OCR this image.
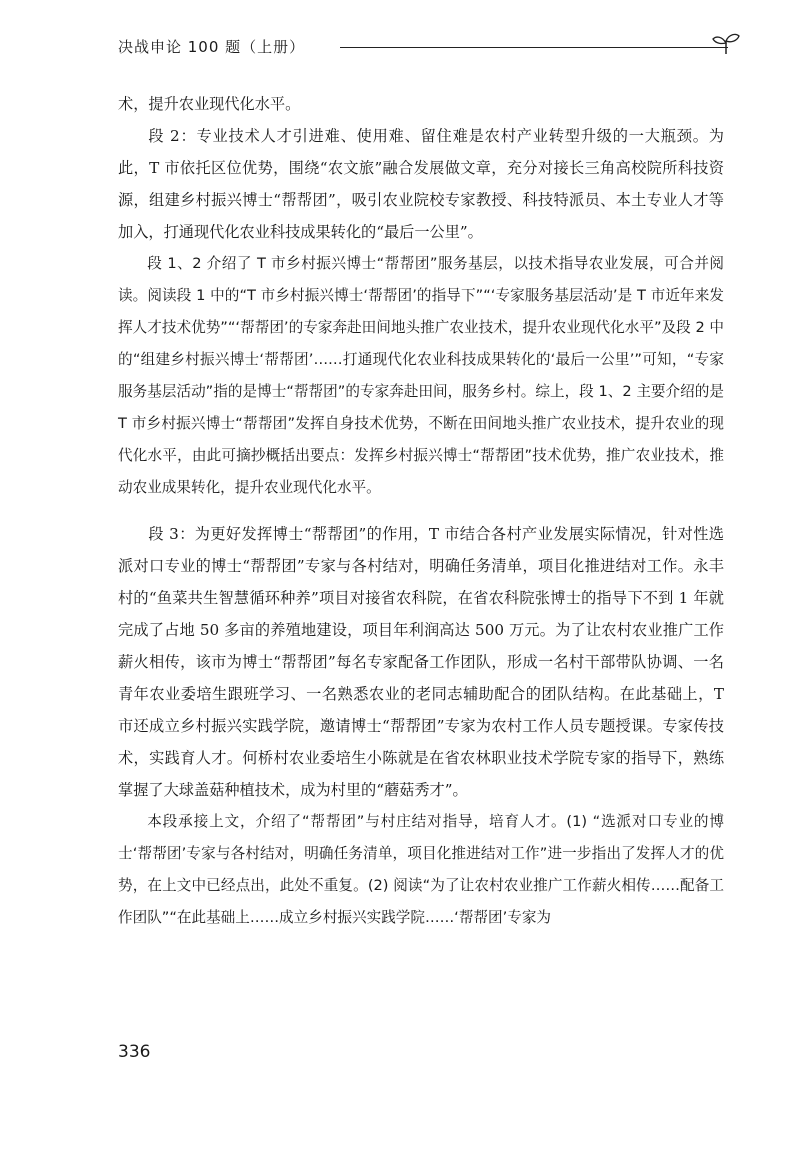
决战申论 100 题（上册）

术，提升农业现代化水平。

段 2：专业技术人才引进难、使用难、留住难是农村产业转型升级的一大瓶颈。为此，T 市依托区位优势，围绕“农文旅”融合发展做文章，充分对接长三角高校院所科技资源，组建乡村振兴博士“帮帮团”，吸引农业院校专家教授、科技特派员、本土专业人才等加入，打通现代化农业科技成果转化的“最后一公里”。

段 1、2 介绍了 T 市乡村振兴博士“帮帮团”服务基层，以技术指导农业发展，可合并阅读。阅读段 1 中的“T 市乡村振兴博士‘帮帮团’的指导下”“‘专家服务基层活动’是 T 市近年来发挥人才技术优势”“‘帮帮团’的专家奔赴田间地头推广农业技术，提升农业现代化水平”及段 2 中的“组建乡村振兴博士‘帮帮团’……打通现代化农业科技成果转化的‘最后一公里’”可知，“专家服务基层活动”指的是博士“帮帮团”的专家奔赴田间，服务乡村。综上，段 1、2 主要介绍的是 T 市乡村振兴博士“帮帮团”发挥自身技术优势，不断在田间地头推广农业技术，提升农业的现代化水平，由此可摘抄概括出要点：发挥乡村振兴博士“帮帮团”技术优势，推广农业技术，推动农业成果转化，提升农业现代化水平。

段 3：为更好发挥博士“帮帮团”的作用，T 市结合各村产业发展实际情况，针对性选派对口专业的博士“帮帮团”专家与各村结对，明确任务清单，项目化推进结对工作。永丰村的“鱼菜共生智慧循环种养”项目对接省农科院，在省农科院张博士的指导下不到 1 年就完成了占地 50 多亩的养殖地建设，项目年利润高达 500 万元。为了让农村农业推广工作薪火相传，该市为博士“帮帮团”每名专家配备工作团队，形成一名村干部带队协调、一名青年农业委培生跟班学习、一名熟悉农业的老同志辅助配合的团队结构。在此基础上，T 市还成立乡村振兴实践学院，邀请博士“帮帮团”专家为农村工作人员专题授课。专家传技术，实践育人才。何桥村农业委培生小陈就是在省农林职业技术学院专家的指导下，熟练掌握了大球盖菇种植技术，成为村里的“蘑菇秀才”。

本段承接上文，介绍了“帮帮团”与村庄结对指导，培育人才。(1) “选派对口专业的博士‘帮帮团’专家与各村结对，明确任务清单，项目化推进结对工作”进一步指出了发挥人才的优势，在上文中已经点出，此处不重复。(2) 阅读“为了让农村农业推广工作薪火相传……配备工作团队”“在此基础上……成立乡村振兴实践学院……‘帮帮团’专家为

336
